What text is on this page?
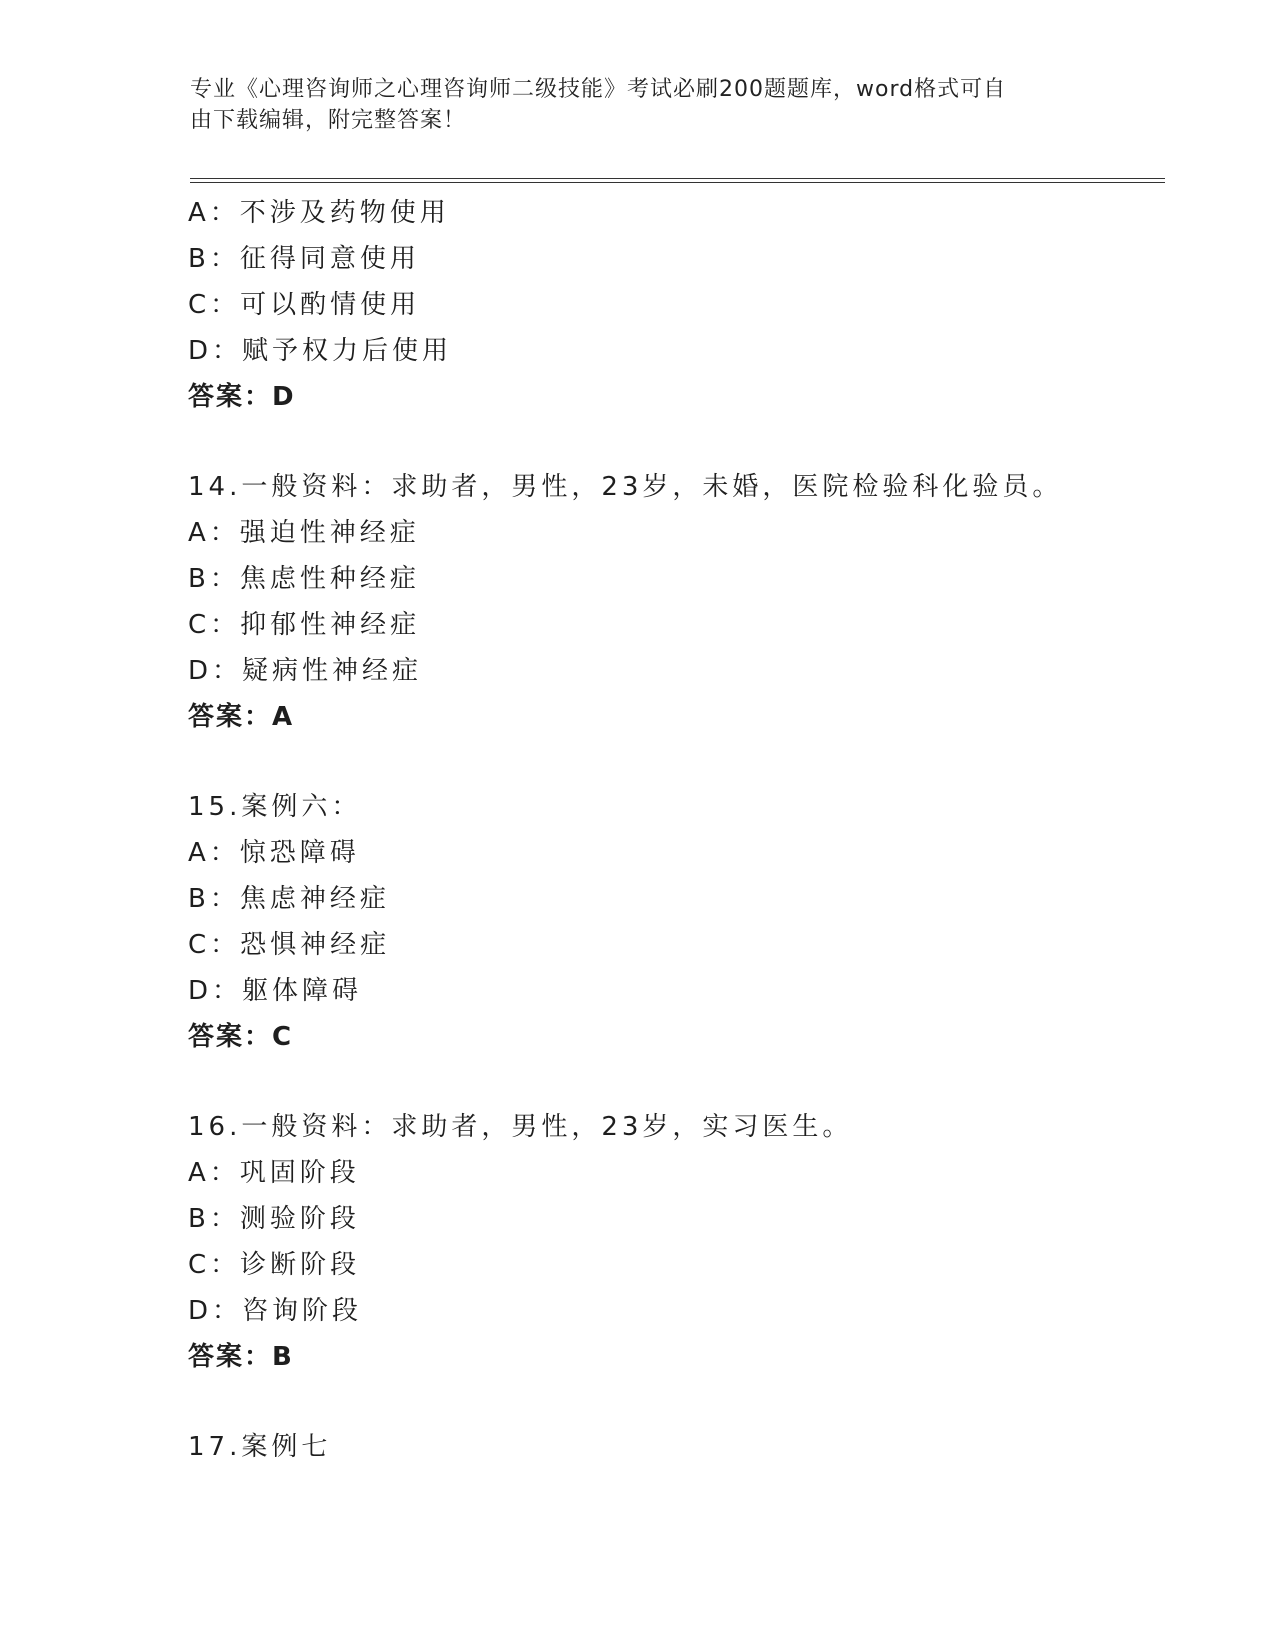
专业《心理咨询师之心理咨询师二级技能》考试必刷200题题库，word格式可自
由下载编辑，附完整答案！
A：不涉及药物使用
B：征得同意使用
C：可以酌情使用
D：赋予权力后使用
答案：D
14.一般资料：求助者，男性，23岁，未婚，医院检验科化验员。
A：强迫性神经症
B：焦虑性种经症
C：抑郁性神经症
D：疑病性神经症
答案：A
15.案例六：
A：惊恐障碍
B：焦虑神经症
C：恐惧神经症
D：躯体障碍
答案：C
16.一般资料：求助者，男性，23岁，实习医生。
A：巩固阶段
B：测验阶段
C：诊断阶段
D：咨询阶段
答案：B
17.案例七
